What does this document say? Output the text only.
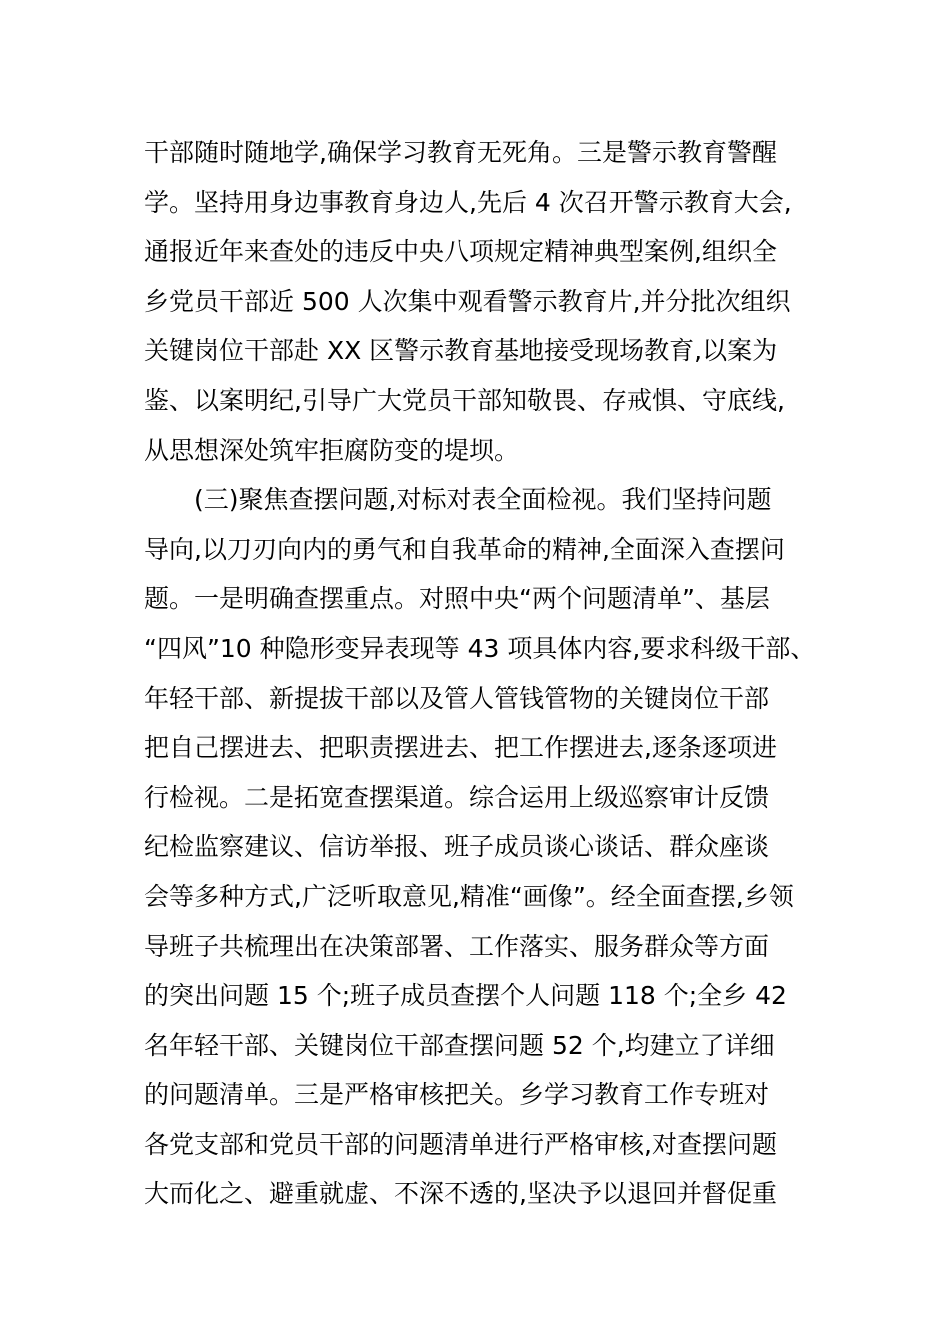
干部随时随地学,确保学习教育无死角。三是警示教育警醒
学。坚持用身边事教育身边人,先后 4 次召开警示教育大会,
通报近年来查处的违反中央八项规定精神典型案例,组织全
乡党员干部近 500 人次集中观看警示教育片,并分批次组织
关键岗位干部赴 XX 区警示教育基地接受现场教育,以案为
鉴、以案明纪,引导广大党员干部知敬畏、存戒惧、守底线,
从思想深处筑牢拒腐防变的堤坝。
　　(三)聚焦查摆问题,对标对表全面检视。我们坚持问题
导向,以刀刃向内的勇气和自我革命的精神,全面深入查摆问
题。一是明确查摆重点。对照中央“两个问题清单”、基层
“四风”10 种隐形变异表现等 43 项具体内容,要求科级干部、
年轻干部、新提拔干部以及管人管钱管物的关键岗位干部
把自己摆进去、把职责摆进去、把工作摆进去,逐条逐项进
行检视。二是拓宽查摆渠道。综合运用上级巡察审计反馈
纪检监察建议、信访举报、班子成员谈心谈话、群众座谈
会等多种方式,广泛听取意见,精准“画像”。经全面查摆,乡领
导班子共梳理出在决策部署、工作落实、服务群众等方面
的突出问题 15 个;班子成员查摆个人问题 118 个;全乡 42
名年轻干部、关键岗位干部查摆问题 52 个,均建立了详细
的问题清单。三是严格审核把关。乡学习教育工作专班对
各党支部和党员干部的问题清单进行严格审核,对查摆问题
大而化之、避重就虚、不深不透的,坚决予以退回并督促重
